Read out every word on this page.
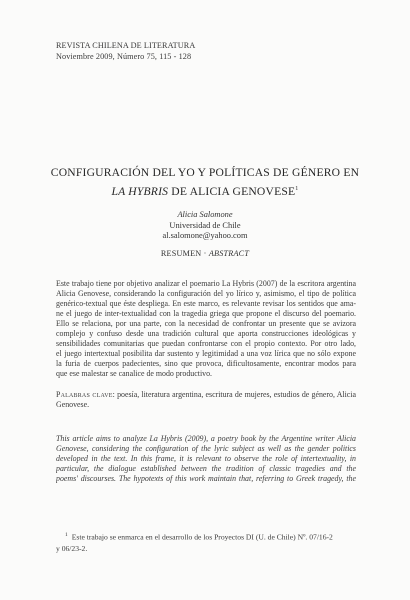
REVISTA CHILENA DE LITERATURA
Noviembre 2009, Número 75, 115 - 128
CONFIGURACIÓN DEL YO Y POLÍTICAS DE GÉNERO EN
LA HYBRIS DE ALICIA GENOVESE$^1$
Alicia Salomone
Universidad de Chile
al.salomone@yahoo.com
RESUMEN · ABSTRACT
Este trabajo tiene por objetivo analizar el poemario La Hybris (2007) de la escritora argentina
Alicia Genovese, considerando la configuración del yo lírico y, asimismo, el tipo de política
genérico-textual que éste despliega. En este marco, es relevante revisar los sentidos que ama-
ne el juego de inter-textualidad con la tragedia griega que propone el discurso del poemario.
Ello se relaciona, por una parte, con la necesidad de confrontar un presente que se avizora
complejo y confuso desde una tradición cultural que aporta construcciones ideológicas y
sensibilidades comunitarias que puedan confrontarse con el propio contexto. Por otro lado,
el juego intertextual posibilita dar sustento y legitimidad a una voz lírica que no sólo expone
la furia de cuerpos padecientes, sino que provoca, dificultosamente, encontrar modos para
que ese malestar se canalice de modo productivo.
Palabras clave: poesía, literatura argentina, escritura de mujeres, estudios de género, Alicia
Genovese.
This article aims to analyze La Hybris (2009), a poetry book by the Argentine writer Alicia
Genovese, considering the configuration of the lyric subject as well as the gender politics
developed in the text. In this frame, it is relevant to observe the role of intertextuality, in
particular, the dialogue established between the tradition of classic tragedies and the
poems' discourses. The hypotexts of this work maintain that, referring to Greek tragedy, the
$^1$ Este trabajo se enmarca en el desarrollo de los Proyectos DI (U. de Chile) Nº. 07/16-2
y 06/23-2.
